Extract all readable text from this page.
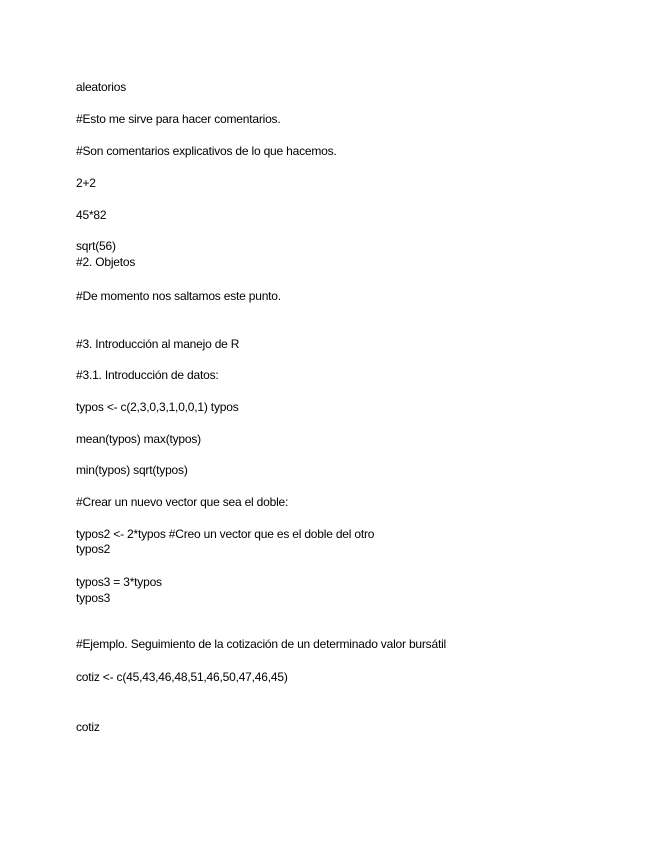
aleatorios
#Esto me sirve para hacer comentarios.
#Son comentarios explicativos de lo que hacemos.
2+2
45*82
sqrt(56)
#2. Objetos
#De momento nos saltamos este punto.
#3. Introducción al manejo de R
#3.1. Introducción de datos:
typos <- c(2,3,0,3,1,0,0,1) typos
mean(typos) max(typos)
min(typos) sqrt(typos)
#Crear un nuevo vector que sea el doble:
typos2 <- 2*typos #Creo un vector que es el doble del otro
typos2
typos3 = 3*typos
typos3
#Ejemplo. Seguimiento de la cotización de un determinado valor bursátil
cotiz <- c(45,43,46,48,51,46,50,47,46,45)
cotiz
